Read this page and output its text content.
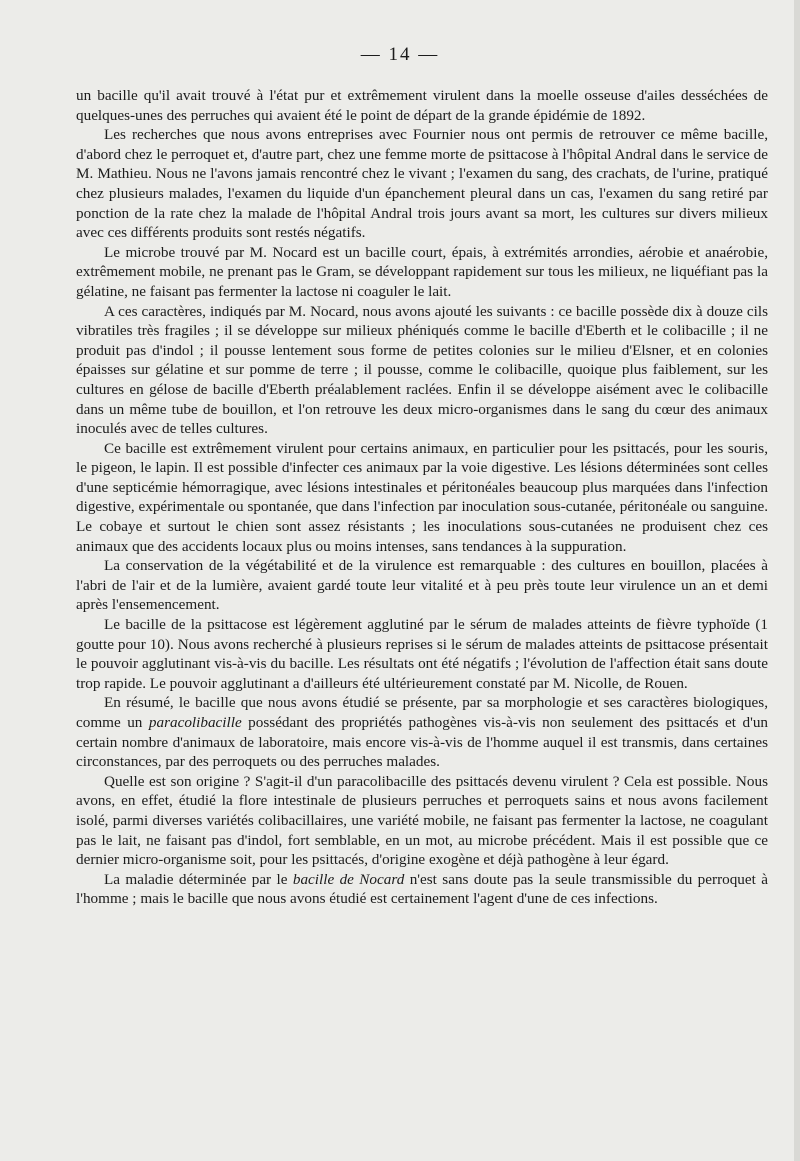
— 14 —

un bacille qu'il avait trouvé à l'état pur et extrêmement virulent dans la moelle osseuse d'ailes desséchées de quelques-unes des perruches qui avaient été le point de départ de la grande épidémie de 1892.

Les recherches que nous avons entreprises avec Fournier nous ont permis de retrouver ce même bacille, d'abord chez le perroquet et, d'autre part, chez une femme morte de psittacose à l'hôpital Andral dans le service de M. Mathieu. Nous ne l'avons jamais rencontré chez le vivant ; l'examen du sang, des crachats, de l'urine, pratiqué chez plusieurs malades, l'examen du liquide d'un épanchement pleural dans un cas, l'examen du sang retiré par ponction de la rate chez la malade de l'hôpital Andral trois jours avant sa mort, les cultures sur divers milieux avec ces différents produits sont restés négatifs.

Le microbe trouvé par M. Nocard est un bacille court, épais, à extrémités arrondies, aérobie et anaérobie, extrêmement mobile, ne prenant pas le Gram, se développant rapidement sur tous les milieux, ne liquéfiant pas la gélatine, ne faisant pas fermenter la lactose ni coaguler le lait.

A ces caractères, indiqués par M. Nocard, nous avons ajouté les suivants : ce bacille possède dix à douze cils vibratiles très fragiles ; il se développe sur milieux phéniqués comme le bacille d'Eberth et le colibacille ; il ne produit pas d'indol ; il pousse lentement sous forme de petites colonies sur le milieu d'Elsner, et en colonies épaisses sur gélatine et sur pomme de terre ; il pousse, comme le colibacille, quoique plus faiblement, sur les cultures en gélose de bacille d'Eberth préalablement raclées. Enfin il se développe aisément avec le colibacille dans un même tube de bouillon, et l'on retrouve les deux micro-organismes dans le sang du cœur des animaux inoculés avec de telles cultures.

Ce bacille est extrêmement virulent pour certains animaux, en particulier pour les psittacés, pour les souris, le pigeon, le lapin. Il est possible d'infecter ces animaux par la voie digestive. Les lésions déterminées sont celles d'une septicémie hémorragique, avec lésions intestinales et péritonéales beaucoup plus marquées dans l'infection digestive, expérimentale ou spontanée, que dans l'infection par inoculation sous-cutanée, péritonéale ou sanguine. Le cobaye et surtout le chien sont assez résistants ; les inoculations sous-cutanées ne produisent chez ces animaux que des accidents locaux plus ou moins intenses, sans tendances à la suppuration.

La conservation de la végétabilité et de la virulence est remarquable : des cultures en bouillon, placées à l'abri de l'air et de la lumière, avaient gardé toute leur vitalité et à peu près toute leur virulence un an et demi après l'ensemencement.

Le bacille de la psittacose est légèrement agglutiné par le sérum de malades atteints de fièvre typhoïde (1 goutte pour 10). Nous avons recherché à plusieurs reprises si le sérum de malades atteints de psittacose présentait le pouvoir agglutinant vis-à-vis du bacille. Les résultats ont été négatifs ; l'évolution de l'affection était sans doute trop rapide. Le pouvoir agglutinant a d'ailleurs été ultérieurement constaté par M. Nicolle, de Rouen.

En résumé, le bacille que nous avons étudié se présente, par sa morphologie et ses caractères biologiques, comme un paracolibacille possédant des propriétés pathogènes vis-à-vis non seulement des psittacés et d'un certain nombre d'animaux de laboratoire, mais encore vis-à-vis de l'homme auquel il est transmis, dans certaines circonstances, par des perroquets ou des perruches malades.

Quelle est son origine ? S'agit-il d'un paracolibacille des psittacés devenu virulent ? Cela est possible. Nous avons, en effet, étudié la flore intestinale de plusieurs perruches et perroquets sains et nous avons facilement isolé, parmi diverses variétés colibacillaires, une variété mobile, ne faisant pas fermenter la lactose, ne coagulant pas le lait, ne faisant pas d'indol, fort semblable, en un mot, au microbe précédent. Mais il est possible que ce dernier micro-organisme soit, pour les psittacés, d'origine exogène et déjà pathogène à leur égard.

La maladie déterminée par le bacille de Nocard n'est sans doute pas la seule transmissible du perroquet à l'homme ; mais le bacille que nous avons étudié est certainement l'agent d'une de ces infections.
